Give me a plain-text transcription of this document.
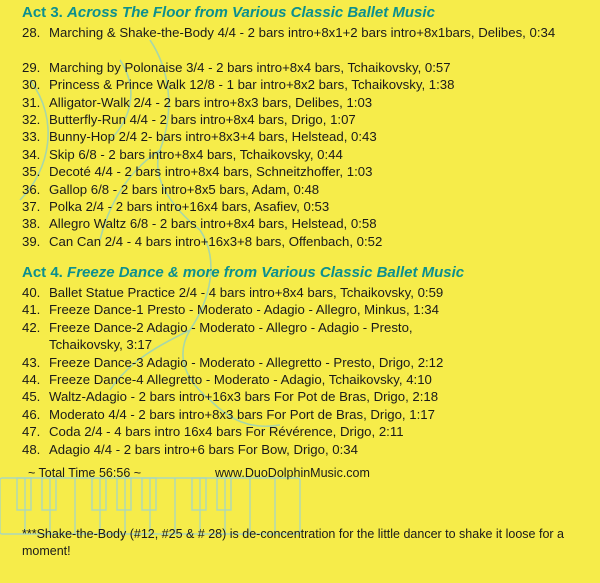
Act 3. Across The Floor from Various Classic Ballet Music
28. Marching & Shake-the-Body 4/4 - 2 bars intro+8x1+2 bars intro+8x1bars, Delibes, 0:34
29. Marching by Polonaise 3/4 - 2 bars intro+8x4 bars, Tchaikovsky, 0:57
30. Princess & Prince Walk 12/8 - 1 bar intro+8x2 bars, Tchaikovsky, 1:38
31. Alligator-Walk 2/4 - 2 bars intro+8x3 bars, Delibes, 1:03
32. Butterfly-Run 4/4 - 2 bars intro+8x4 bars, Drigo, 1:07
33. Bunny-Hop 2/4 2- bars intro+8x3+4 bars, Helstead, 0:43
34. Skip 6/8 - 2 bars intro+8x4 bars, Tchaikovsky, 0:44
35. Decoté 4/4 - 2 bars intro+8x4 bars, Schneitzhoffer, 1:03
36. Gallop 6/8 - 2 bars intro+8x5 bars, Adam, 0:48
37. Polka 2/4 - 2 bars intro+16x4 bars, Asafiev, 0:53
38. Allegro Waltz 6/8 - 2 bars intro+8x4 bars, Helstead, 0:58
39. Can Can 2/4 - 4 bars intro+16x3+8 bars, Offenbach, 0:52
Act 4. Freeze Dance & more from Various Classic Ballet Music
40. Ballet Statue Practice 2/4 - 4 bars intro+8x4 bars, Tchaikovsky, 0:59
41. Freeze Dance-1 Presto - Moderato - Adagio - Allegro, Minkus, 1:34
42. Freeze Dance-2 Adagio - Moderato - Allegro - Adagio - Presto, Tchaikovsky, 3:17
43. Freeze Dance-3 Adagio - Moderato - Allegretto - Presto, Drigo, 2:12
44. Freeze Dance-4 Allegretto - Moderato - Adagio, Tchaikovsky, 4:10
45. Waltz-Adagio - 2 bars intro+16x3 bars For Pot de Bras, Drigo, 2:18
46. Moderato 4/4 - 2 bars intro+8x3 bars For Port de Bras, Drigo, 1:17
47. Coda 2/4 - 4 bars intro 16x4 bars For Révérence, Drigo, 2:11
48. Adagio 4/4 - 2 bars intro+6 bars For Bow, Drigo, 0:34
~ Total Time 56:56 ~	www.DuoDolphinMusic.com
***Shake-the-Body (#12, #25 & # 28) is de-concentration for the little dancer to shake it loose for a moment!
